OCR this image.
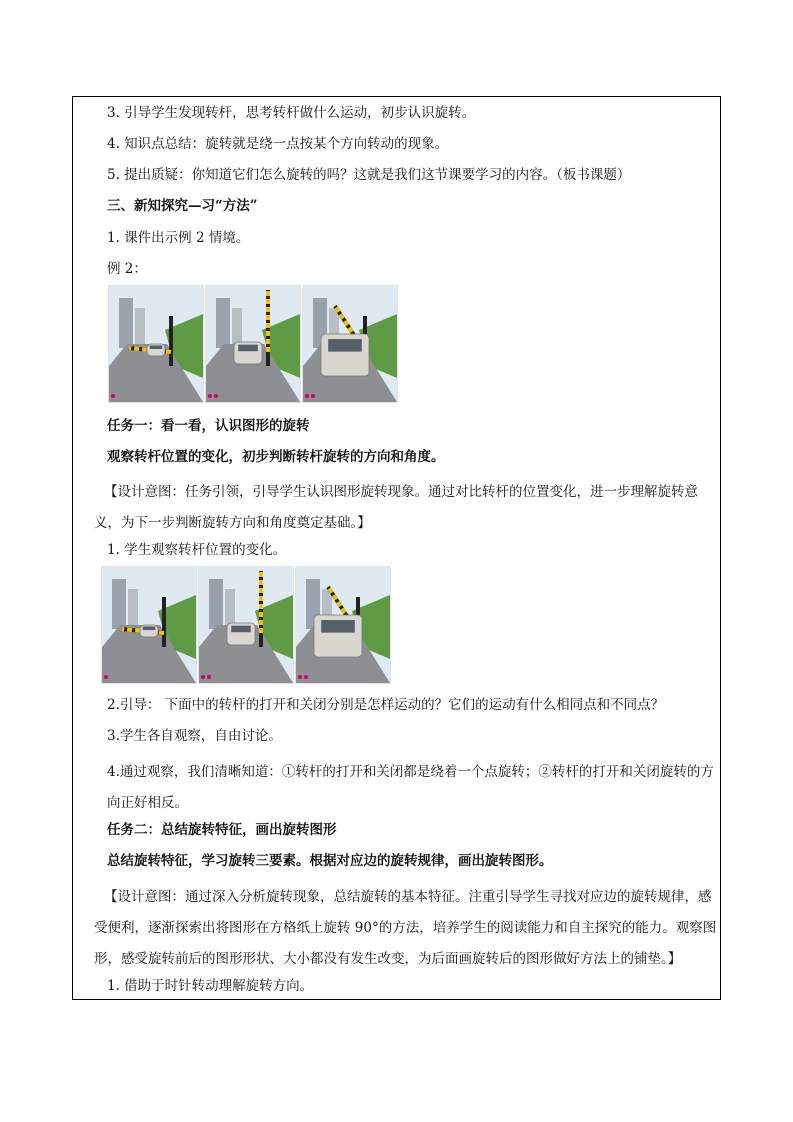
3. 引导学生发现转杆，思考转杆做什么运动，初步认识旋转。
4. 知识点总结：旋转就是绕一点按某个方向转动的现象。
5. 提出质疑：你知道它们怎么旋转的吗？这就是我们这节课要学习的内容。（板书课题）
三、新知探究—习“方法”
1. 课件出示例 2 情境。
例 2：
任务一：看一看，认识图形的旋转
观察转杆位置的变化，初步判断转杆旋转的方向和角度。
【设计意图：任务引领，引导学生认识图形旋转现象。通过对比转杆的位置变化，进一步理解旋转意义，为下一步判断旋转方向和角度奠定基础。】
1. 学生观察转杆位置的变化。
2.引导： 下面中的转杆的打开和关闭分别是怎样运动的？它们的运动有什么相同点和不同点？
3.学生各自观察，自由讨论。
4.通过观察，我们清晰知道：①转杆的打开和关闭都是绕着一个点旋转；②转杆的打开和关闭旋转的方向正好相反。
任务二：总结旋转特征，画出旋转图形
总结旋转特征，学习旋转三要素。根据对应边的旋转规律，画出旋转图形。
【设计意图：通过深入分析旋转现象，总结旋转的基本特征。注重引导学生寻找对应边的旋转规律，感受便利，逐渐探索出将图形在方格纸上旋转 90°的方法，培养学生的阅读能力和自主探究的能力。观察图形，感受旋转前后的图形形状、大小都没有发生改变，为后面画旋转后的图形做好方法上的铺垫。】
1. 借助于时针转动理解旋转方向。
